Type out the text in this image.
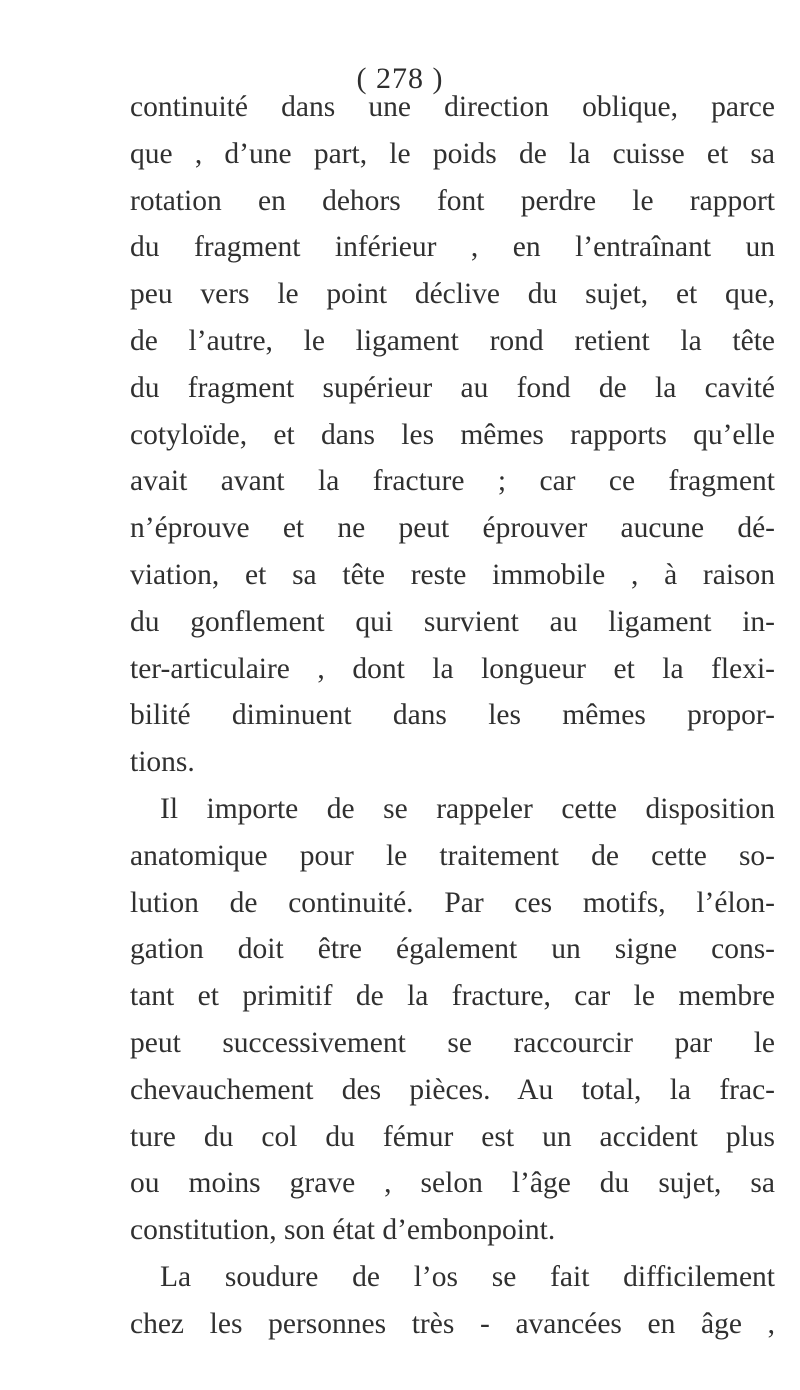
( 278 )
continuité dans une direction oblique, parce
que , d’une part, le poids de la cuisse et sa
rotation en dehors font perdre le rapport
du fragment inférieur , en l’entraînant un
peu vers le point déclive du sujet, et que,
de l’autre, le ligament rond retient la tête
du fragment supérieur au fond de la cavité
cotyloïde, et dans les mêmes rapports qu’elle
avait avant la fracture ; car ce fragment
n’éprouve et ne peut éprouver aucune dé-
viation, et sa tête reste immobile , à raison
du gonflement qui survient au ligament in-
ter-articulaire , dont la longueur et la flexi-
bilité diminuent dans les mêmes propor-
tions.
Il importe de se rappeler cette disposition
anatomique pour le traitement de cette so-
lution de continuité. Par ces motifs, l’élon-
gation doit être également un signe cons-
tant et primitif de la fracture, car le membre
peut successivement se raccourcir par le
chevauchement des pièces. Au total, la frac-
ture du col du fémur est un accident plus
ou moins grave , selon l’âge du sujet, sa
constitution, son état d’embonpoint.
La soudure de l’os se fait difficilement
chez les personnes très - avancées en âge ,
